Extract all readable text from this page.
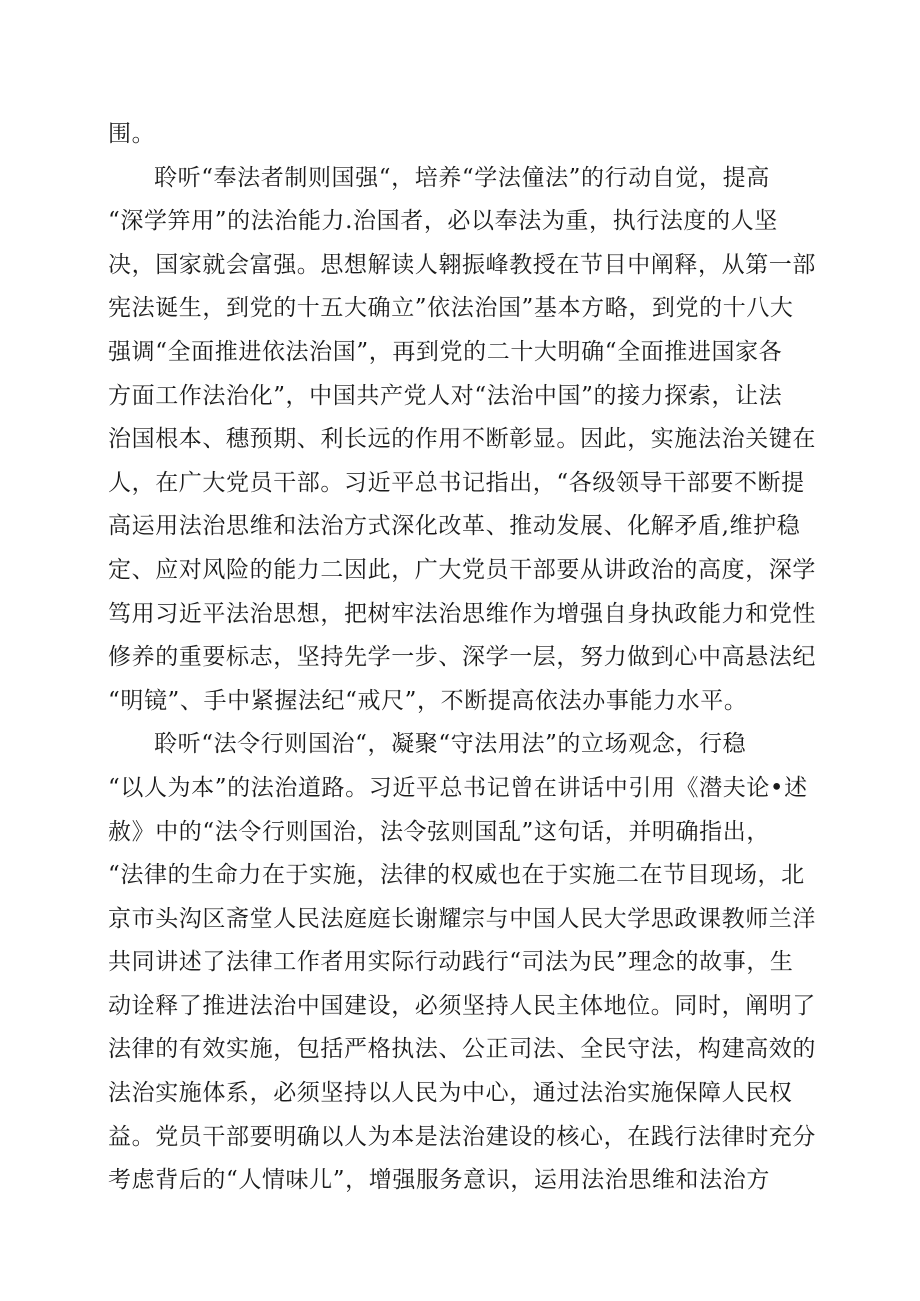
围。
聆听“奉法者制则国强“，培养“学法僮法”的行动自觉，提高
“深学笄用”的法治能力.治国者，必以奉法为重，执行法度的人坚
决，国家就会富强。思想解读人翱振峰教授在节目中阐释，从第一部
宪法诞生，到党的十五大确立”依法治国”基本方略，到党的十八大
强调“全面推进依法治国”，再到党的二十大明确“全面推进国家各
方面工作法治化”，中国共产党人对“法治中国”的接力探索，让法
治国根本、穗预期、利长远的作用不断彰显。因此，实施法治关键在
人，在广大党员干部。习近平总书记指出，“各级领导干部要不断提
高运用法治思维和法治方式深化改革、推动发展、化解矛盾,维护稳
定、应对风险的能力二因此，广大党员干部要从讲政治的高度，深学
笃用习近平法治思想，把树牢法治思维作为增强自身执政能力和党性
修养的重要标志，坚持先学一步、深学一层，努力做到心中高悬法纪
“明镜”、手中紧握法纪“戒尺”，不断提高依法办事能力水平。
聆听“法令行则国治“，凝聚“守法用法”的立场观念，行稳
“以人为本”的法治道路。习近平总书记曾在讲话中引用《潜夫论•述
赦》中的“法令行则国治，法令弦则国乱”这句话，并明确指出，
“法律的生命力在于实施，法律的权威也在于实施二在节目现场，北
京市头沟区斋堂人民法庭庭长谢耀宗与中国人民大学思政课教师兰洋
共同讲述了法律工作者用实际行动践行“司法为民”理念的故事，生
动诠释了推进法治中国建设，必须坚持人民主体地位。同时，阐明了
法律的有效实施，包括严格执法、公正司法、全民守法，构建高效的
法治实施体系，必须坚持以人民为中心，通过法治实施保障人民权
益。党员干部要明确以人为本是法治建设的核心，在践行法律时充分
考虑背后的“人情味儿”，增强服务意识，运用法治思维和法治方
